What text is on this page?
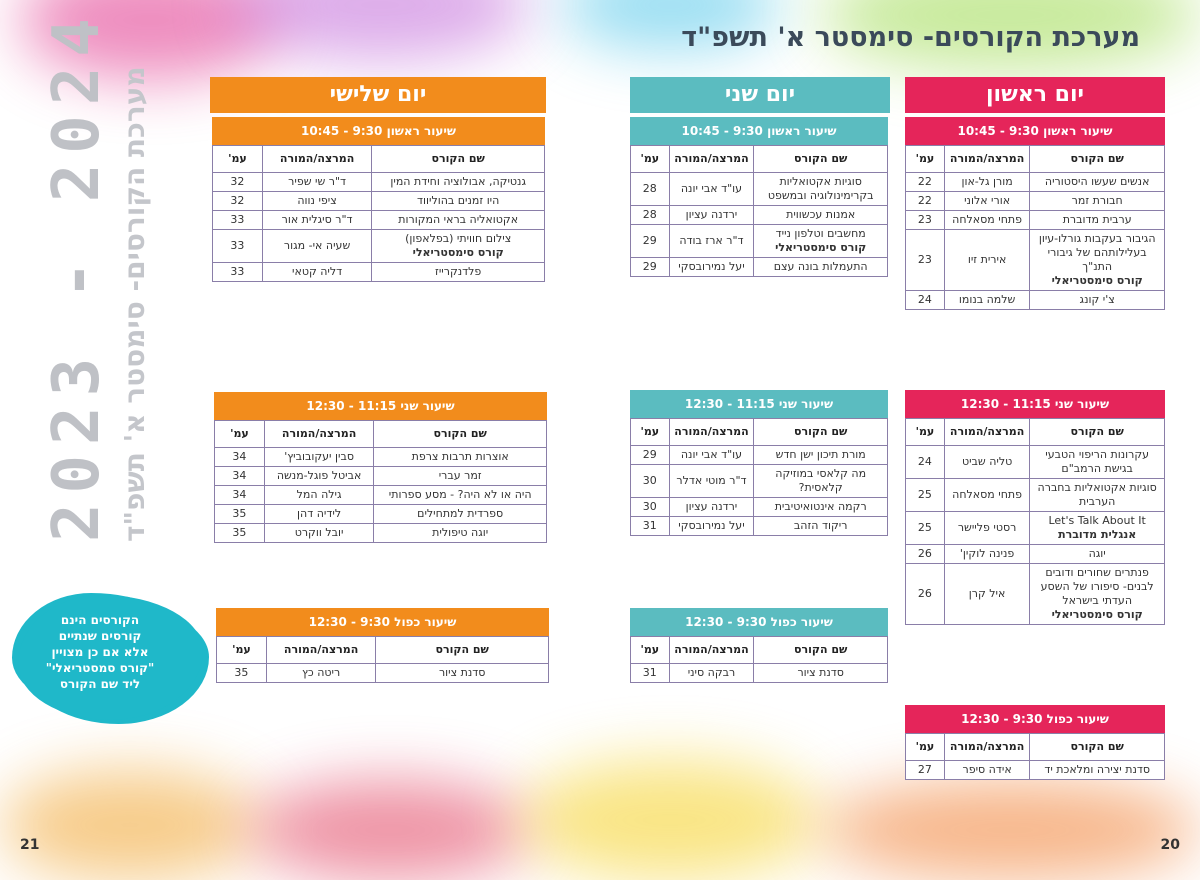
מערכת הקורסים- סימסטר א' תשפ"ד
2023 - 2024 מערכת הקורסים- סימסטר א' תשפ"ד
הקורסים הינם
קורסים שנתיים
אלא אם כן מצויין
"קורס סמסטריאלי"
ליד שם הקורס
יום ראשון
יום שני
יום שלישי
שיעור ראשון 9:30 - 10:45
שם הקורס	המרצה/המורה	עמ'

אנשים שעשו היסטוריה	מורן גל-און	22

חבורת זמר	אורי אלוני	22

ערבית מדוברת	פתחי מסאלחה	23

הגיבור בעקבות גורלו-עיון בעלילותהם של גיבורי התנ"ך
קורס סימסטריאלי	אירית זיו	23

צ'י קונג	שלמה בנומו	24
שיעור שני 11:15 - 12:30
שם הקורס	המרצה/המורה	עמ'

עקרונות הריפוי הטבעי בגישת הרמב"ם	טליה שביט	24

סוגיות אקטואליות בחברה הערבית	פתחי מסאלחה	25

Let's Talk About It
אנגלית מדוברת	רסטי פליישר	25

יוגה	פנינה לוקין'	26

פנתרים שחורים ודובים לבנים- סיפורו של השסע העדתי בישראל
קורס סימסטריאלי	איל קרן	26
שיעור כפול 9:30 - 12:30
שם הקורס	המרצה/המורה	עמ'

סדנת יצירה ומלאכת יד	אידה סיפר	27
שיעור ראשון 9:30 - 10:45
שם הקורס	המרצה/המורה	עמ'

סוגיות אקטואליות בקרימינולוגיה ובמשפט	עו"ד אבי יונה	28

אמנות עכשווית	ירדנה עציון	28

מחשבים וטלפון נייד
קורס סימסטריאלי	ד"ר ארז בודה	29

התעמלות בונה עצם	יעל נמירובסקי	29
שיעור שני 11:15 - 12:30
שם הקורס	המרצה/המורה	עמ'

מורת תיכון ישן חדש	עו"ד אבי יונה	29

מה קלאסי במוזיקה קלאסית?	ד"ר מוטי אדלר	30

רקמה אינטואיטיבית	ירדנה עציון	30

ריקוד הזהב	יעל נמירובסקי	31
שיעור כפול 9:30 - 12:30
שם הקורס	המרצה/המורה	עמ'

סדנת ציור	רבקה סיני	31
שיעור ראשון 9:30 - 10:45
שם הקורס	המרצה/המורה	עמ'

גנטיקה, אבולוציה וחידת המין	ד"ר שי שפיר	32

היו זמנים בהוליווד	ציפי נווה	32

אקטואליה בראי המקורות	ד"ר סיגלית אור	33

צילום חוויתי (בפלאפון)
קורס סימסטריאלי	שעיה אי- מגור	33

פלדנקרייז	דליה קטאי	33
שיעור שני 11:15 - 12:30
שם הקורס	המרצה/המורה	עמ'

אוצרות תרבות צרפת	סבין יעקובוביץ'	34

זמר עברי	אביטל פוגל-מנשה	34

היה או לא היה? - מסע ספרותי	גילה המל	34

ספרדית למתחילים	לידיה דהן	35

יוגה טיפולית	יובל ווקרט	35
שיעור כפול 9:30 - 12:30
שם הקורס	המרצה/המורה	עמ'

סדנת ציור	ריטה כץ	35
21	20
